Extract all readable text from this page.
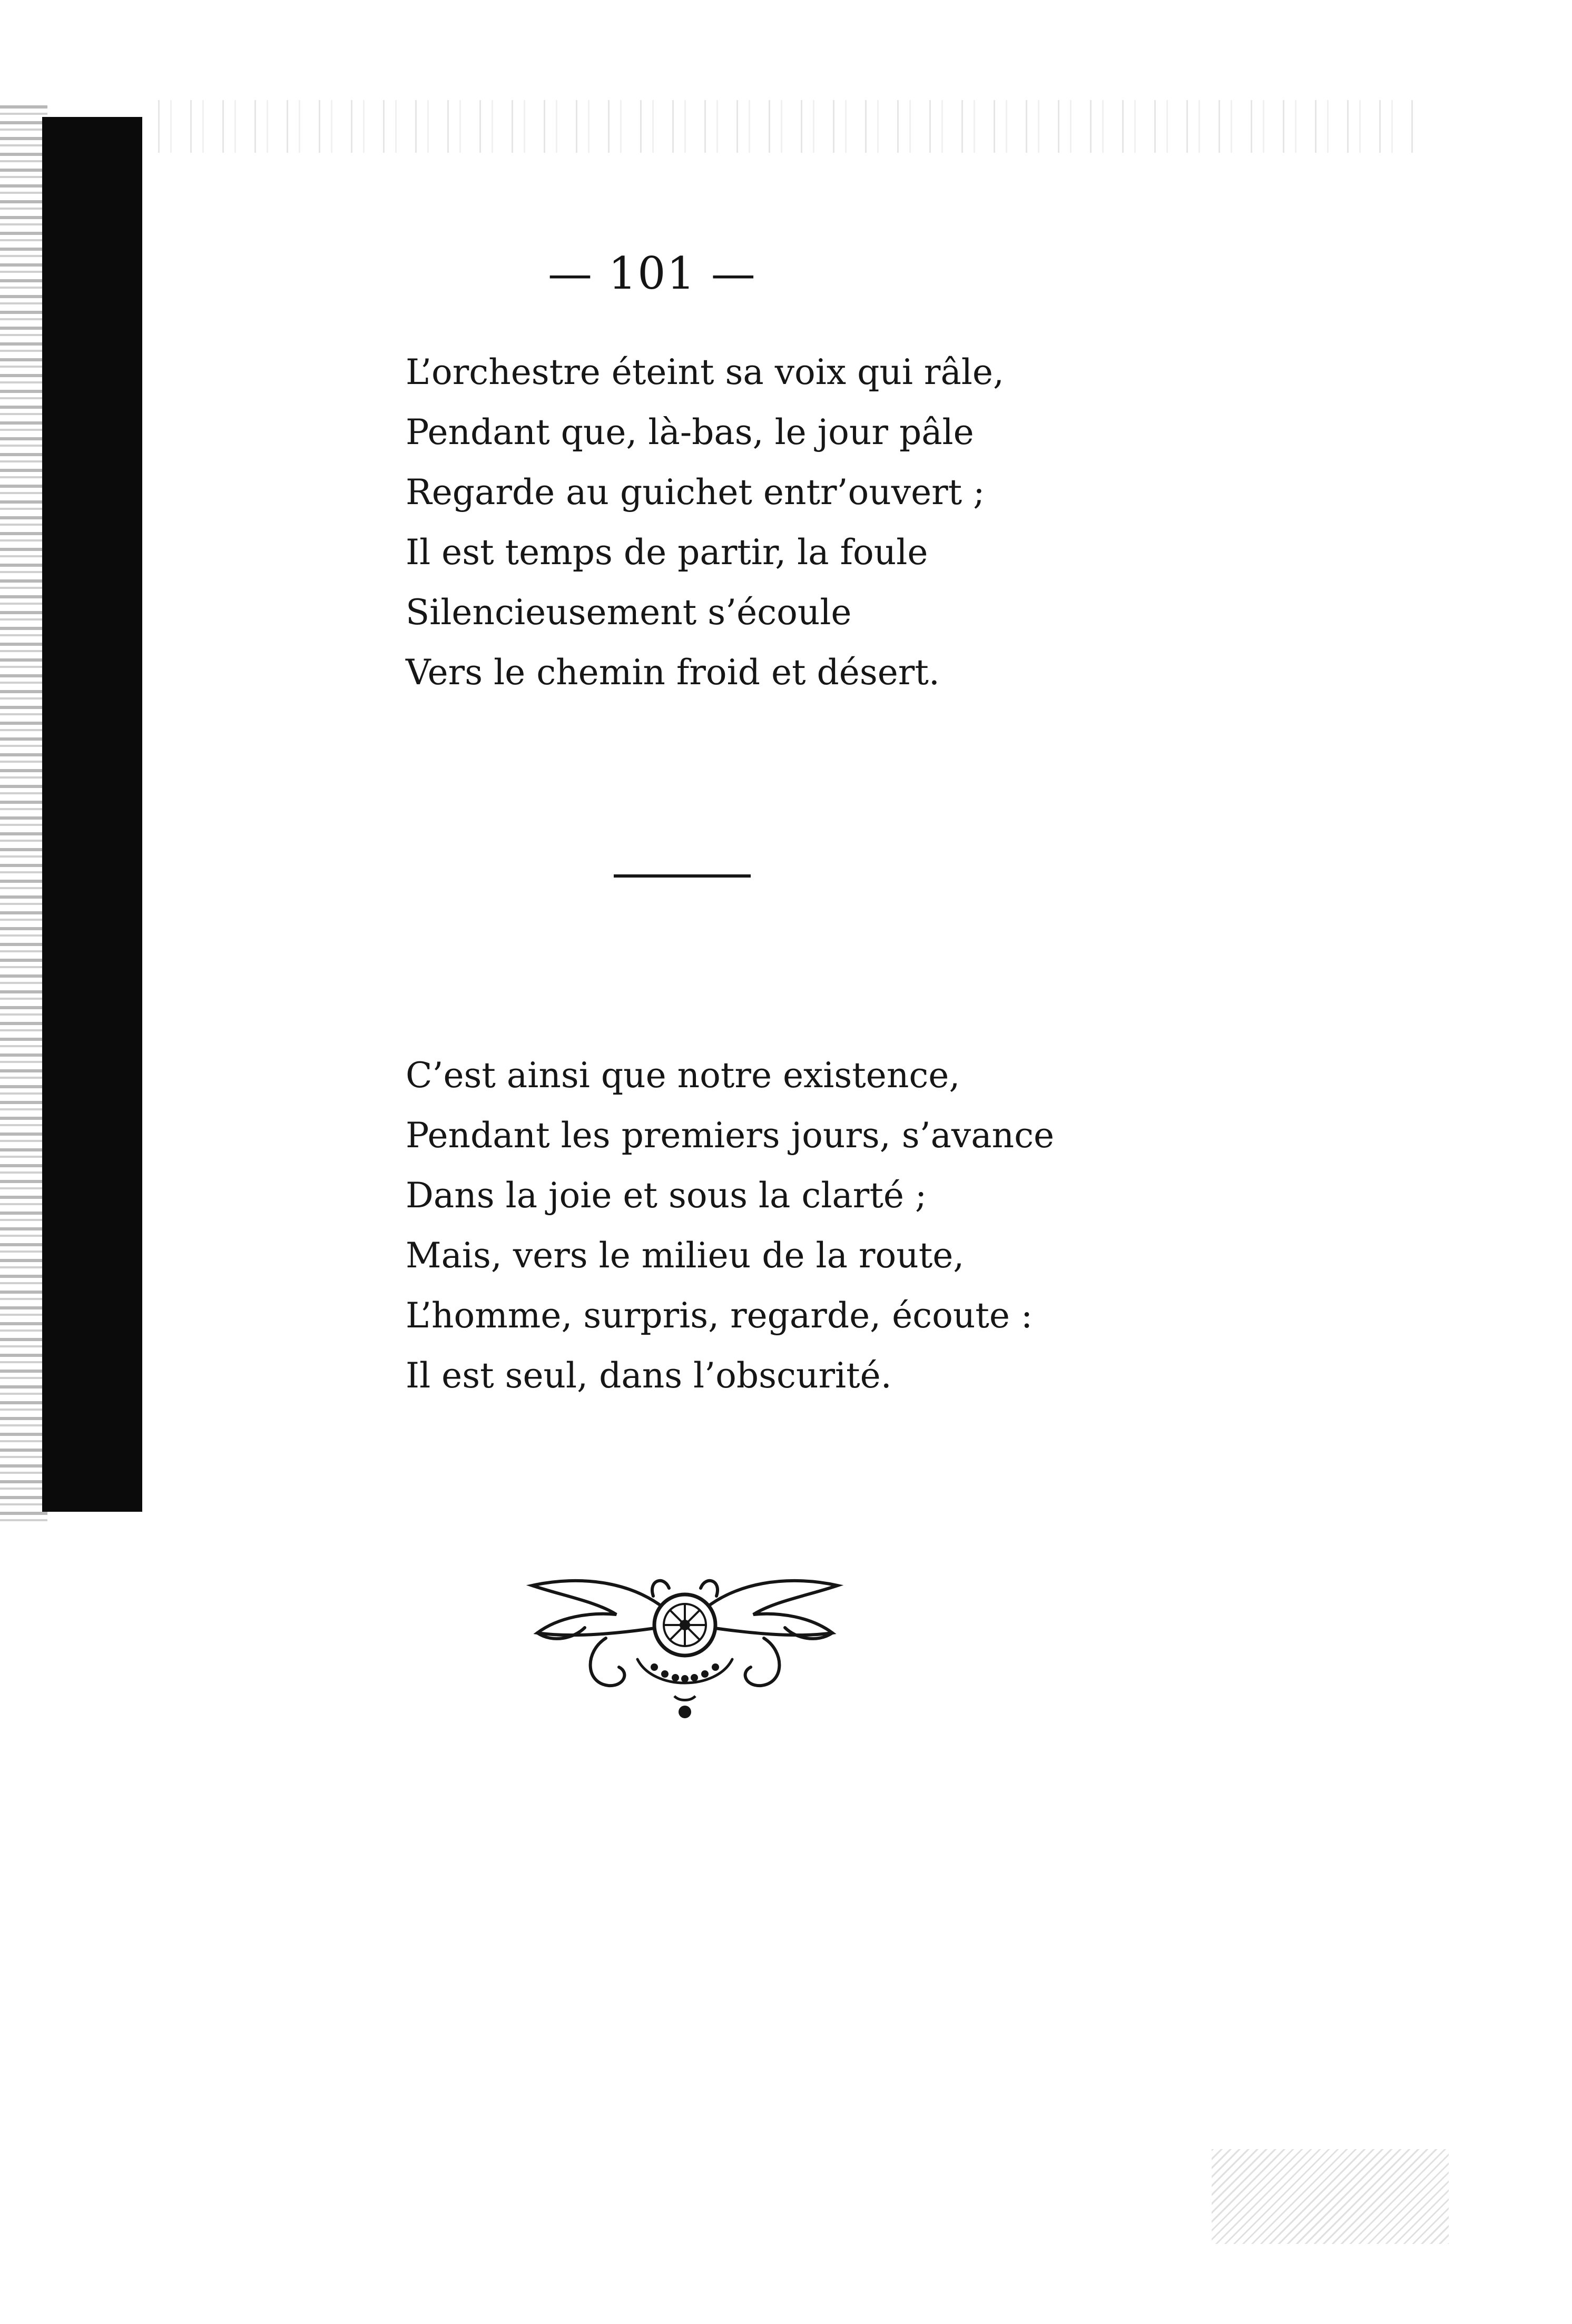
— 101 —
L’orchestre éteint sa voix qui râle,
Pendant que, là-bas, le jour pâle
Regarde au guichet entr’ouvert ;
Il est temps de partir, la foule
Silencieusement s’écoule
Vers le chemin froid et désert.
C’est ainsi que notre existence,
Pendant les premiers jours, s’avance
Dans la joie et sous la clarté ;
Mais, vers le milieu de la route,
L’homme, surpris, regarde, écoute :
Il est seul, dans l’obscurité.
